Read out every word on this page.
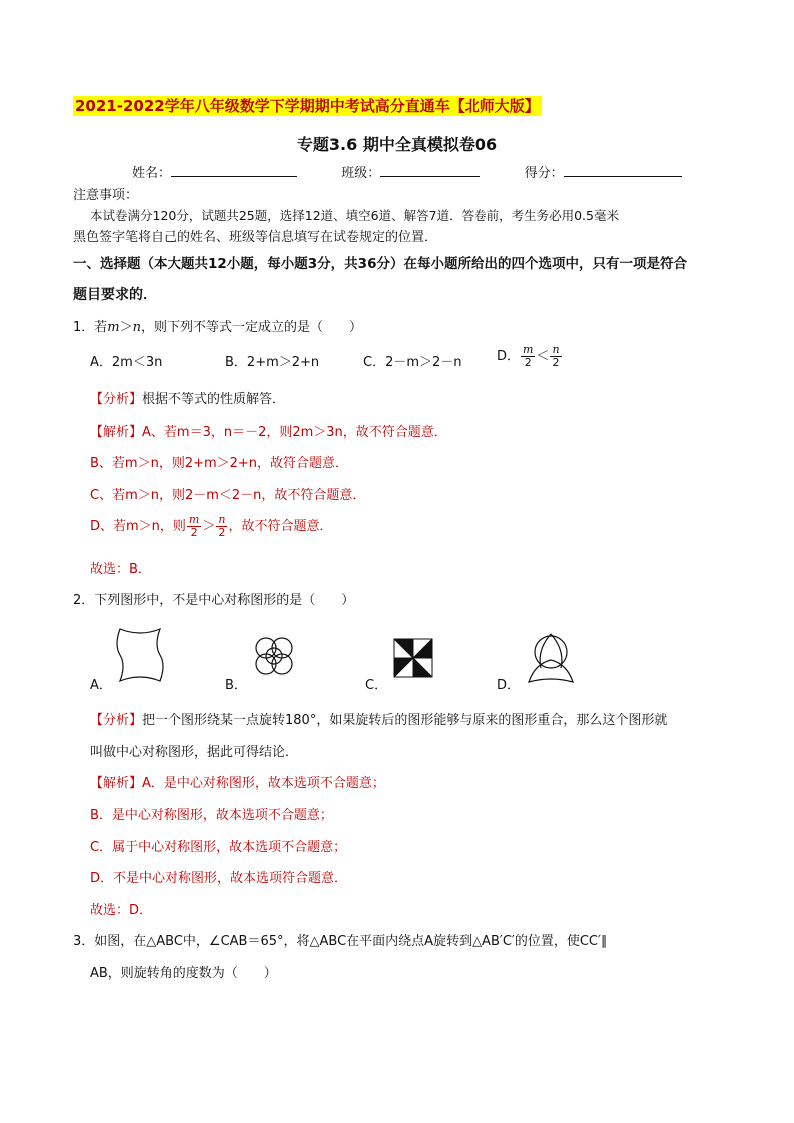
2021-2022学年八年级数学下学期期中考试高分直通车【北师大版】
专题3.6 期中全真模拟卷06
姓名：	班级：	得分：
注意事项：
本试卷满分120分，试题共25题，选择12道、填空6道、解答7道．答卷前，考生务必用0.5毫米
黑色签字笔将自己的姓名、班级等信息填写在试卷规定的位置．
一、选择题（本大题共12小题，每小题3分，共36分）在每小题所给出的四个选项中，只有一项是符合
题目要求的．
1．若m＞n，则下列不等式一定成立的是（　　）
A．2m＜3n	B．2+m＞2+n	C．2－m＞2－n	D． $\frac{m}{2} < \frac{n}{2}$
【分析】根据不等式的性质解答．
【解析】A、若m＝3，n＝－2，则2m＞3n，故不符合题意．
B、若m＞n，则2+m＞2+n，故符合题意．
C、若m＞n，则2－m＜2－n，故不符合题意．
D、若m＞n，则 $\frac{m}{2} > \frac{n}{2}$ ，故不符合题意．
故选：B．
2．下列图形中，不是中心对称图形的是（　　）
A．	B．	C．	D．
【分析】把一个图形绕某一点旋转180°，如果旋转后的图形能够与原来的图形重合，那么这个图形就
叫做中心对称图形，据此可得结论．
【解析】A．是中心对称图形，故本选项不合题意；
B．是中心对称图形，故本选项不合题意；
C．属于中心对称图形，故本选项不合题意；
D．不是中心对称图形，故本选项符合题意．
故选：D．
3．如图，在△ABC中，∠CAB＝65°，将△ABC在平面内绕点A旋转到△AB′C′的位置，使CC′∥
AB，则旋转角的度数为（　　）
